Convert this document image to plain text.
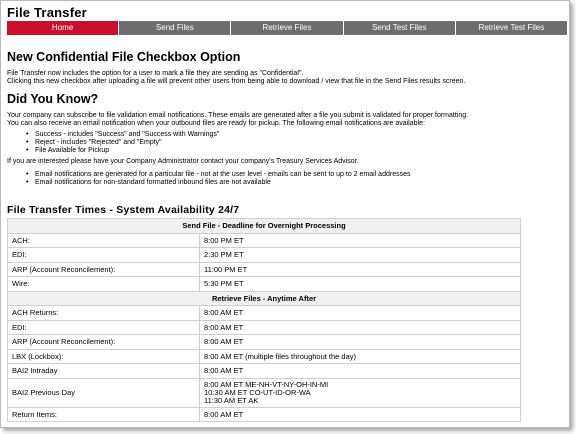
File Transfer
Home	Send Files	Retrieve Files	Send Test Files	Retrieve Test Files
New Confidential File Checkbox Option
File Transfer now includes the option for a user to mark a file they are sending as "Confidential".
Clicking this new checkbox after uploading a file will prevent other users from being able to download / view that file in the Send Files results screen.
Did You Know?
Your company can subscribe to file validation email notifications. These emails are generated after a file you submit is validated for proper formatting.
You can also receive an email notification when your outbound files are ready for pickup. The following email notifications are available:
• Success - includes "Success" and "Success with Warnings"
• Reject - includes "Rejected" and "Empty"
• File Available for Pickup
If you are interested please have your Company Administrator contact your company's Treasury Services Advisor.
• Email notifications are generated for a particular file - not at the user level - emails can be sent to up to 2 email addresses
• Email notifications for non-standard formatted inbound files are not available
File Transfer Times - System Availability 24/7
Send File - Deadline for Overnight Processing	
ACH:	8:00 PM ET
EDI:	2:30 PM ET
ARP (Account Reconcilement):	11:00 PM ET
Wire:	5:30 PM ET
Retrieve Files - Anytime After	
ACH Returns:	8:00 AM ET
EDI:	8:00 AM ET
ARP (Account Reconcilement):	8:00 AM ET
LBX (Lockbox):	8:00 AM ET (multiple files throughout the day)
BAI2 Intraday	8:00 AM ET
BAI2 Previous Day	8:00 AM ET ME-NH-VT-NY-OH-IN-MI
10:30 AM ET CO-UT-ID-OR-WA
11:30 AM ET AK

Return Items:	8:00 AM ET
